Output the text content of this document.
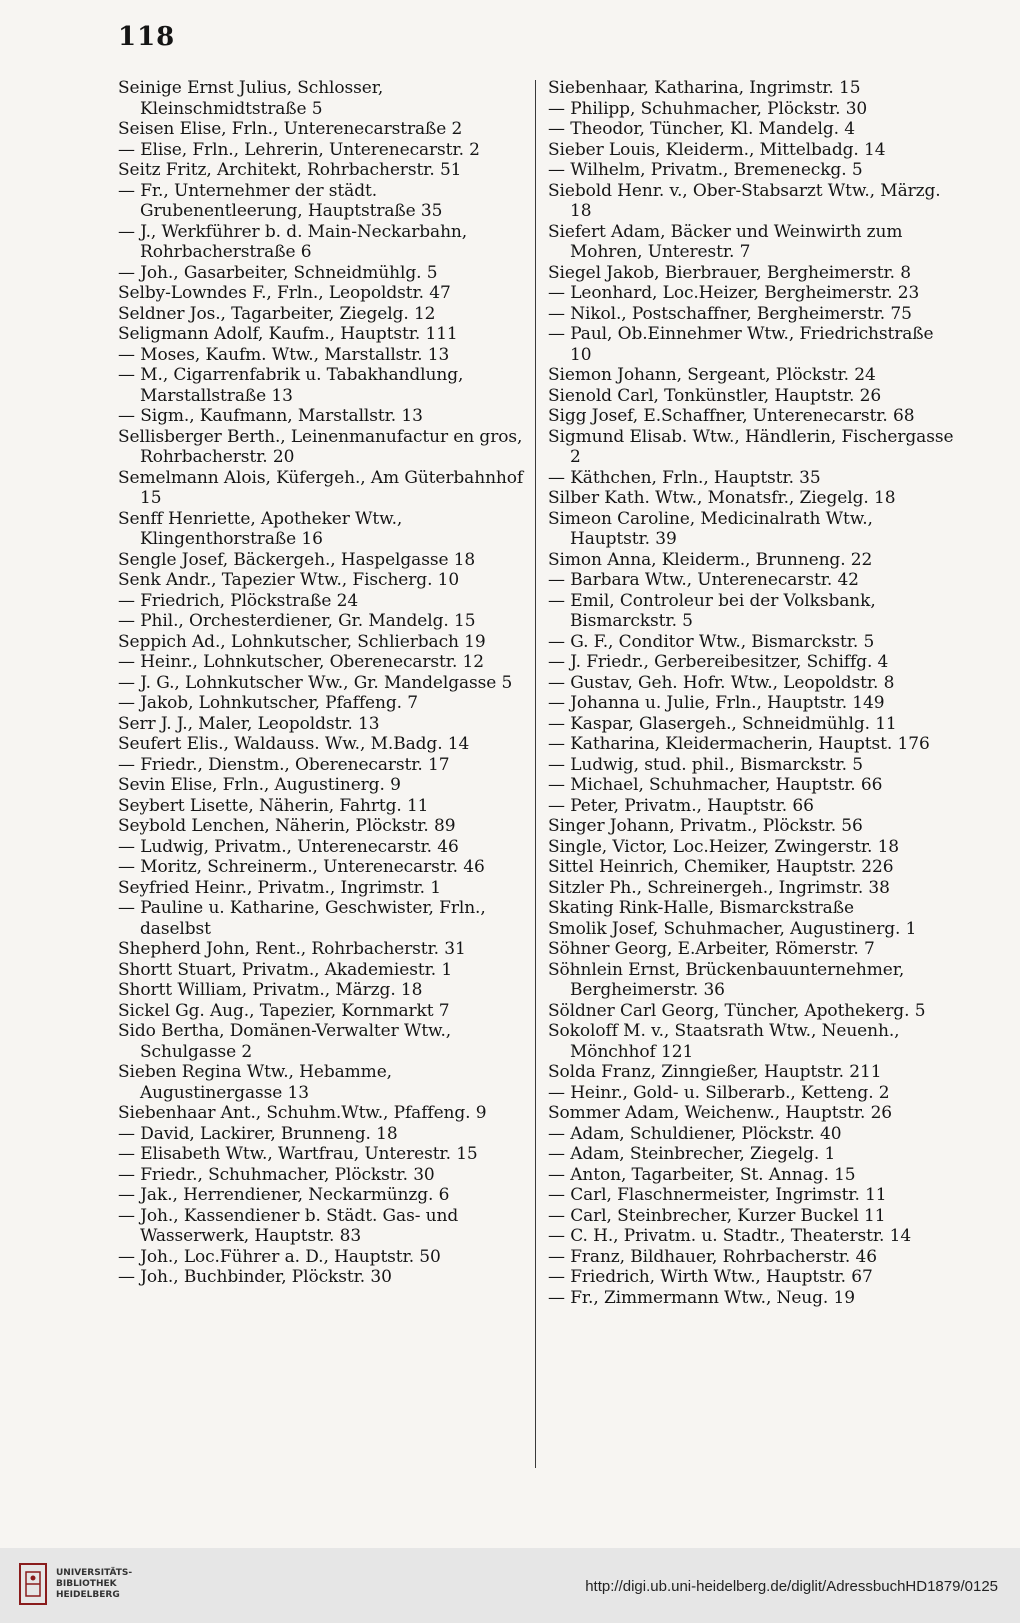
118
Seinige Ernst Julius, Schlosser, Kleinschmidtstraße 5
Seisen Elise, Frln., Unterenecarstraße 2
— Elise, Frln., Lehrerin, Unterenecarstr. 2
Seitz Fritz, Architekt, Rohrbacherstr. 51
— Fr., Unternehmer der städt. Grubenentleerung, Hauptstraße 35
— J., Werkführer b. d. Main-Neckarbahn, Rohrbacherstraße 6
— Joh., Gasarbeiter, Schneidmühlg. 5
Selby-Lowndes F., Frln., Leopoldstr. 47
Seldner Jos., Tagarbeiter, Ziegelg. 12
Seligmann Adolf, Kaufm., Hauptstr. 111
— Moses, Kaufm. Wtw., Marstallstr. 13
— M., Cigarrenfabrik u. Tabakhandlung, Marstallstraße 13
— Sigm., Kaufmann, Marstallstr. 13
Sellisberger Berth., Leinenmanufactur en gros, Rohrbacherstr. 20
Semelmann Alois, Küfergeh., Am Güterbahnhof 15
Senff Henriette, Apotheker Wtw., Klingenthorstraße 16
Sengle Josef, Bäckergeh., Haspelgasse 18
Senk Andr., Tapezier Wtw., Fischerg. 10
— Friedrich, Plöckstraße 24
— Phil., Orchesterdiener, Gr. Mandelg. 15
Seppich Ad., Lohnkutscher, Schlierbach 19
— Heinr., Lohnkutscher, Oberenecarstr. 12
— J. G., Lohnkutscher Ww., Gr. Mandelgasse 5
— Jakob, Lohnkutscher, Pfaffeng. 7
Serr J. J., Maler, Leopoldstr. 13
Seufert Elis., Waldauss. Ww., M.Badg. 14
— Friedr., Dienstm., Oberenecarstr. 17
Sevin Elise, Frln., Augustinerg. 9
Seybert Lisette, Näherin, Fahrtg. 11
Seybold Lenchen, Näherin, Plöckstr. 89
— Ludwig, Privatm., Unterenecarstr. 46
— Moritz, Schreinerm., Unterenecarstr. 46
Seyfried Heinr., Privatm., Ingrimstr. 1
— Pauline u. Katharine, Geschwister, Frln., daselbst
Shepherd John, Rent., Rohrbacherstr. 31
Shortt Stuart, Privatm., Akademiestr. 1
Shortt William, Privatm., Märzg. 18
Sickel Gg. Aug., Tapezier, Kornmarkt 7
Sido Bertha, Domänen-Verwalter Wtw., Schulgasse 2
Sieben Regina Wtw., Hebamme, Augustinergasse 13
Siebenhaar Ant., Schuhm.Wtw., Pfaffeng. 9
— David, Lackirer, Brunneng. 18
— Elisabeth Wtw., Wartfrau, Unterestr. 15
— Friedr., Schuhmacher, Plöckstr. 30
— Jak., Herrendiener, Neckarmünzg. 6
— Joh., Kassendiener b. Städt. Gas- und Wasserwerk, Hauptstr. 83
— Joh., Loc.Führer a. D., Hauptstr. 50
— Joh., Buchbinder, Plöckstr. 30
Siebenhaar, Katharina, Ingrimstr. 15
— Philipp, Schuhmacher, Plöckstr. 30
— Theodor, Tüncher, Kl. Mandelg. 4
Sieber Louis, Kleiderm., Mittelbadg. 14
— Wilhelm, Privatm., Bremeneckg. 5
Siebold Henr. v., Ober-Stabsarzt Wtw., Märzg. 18
Siefert Adam, Bäcker und Weinwirth zum Mohren, Unterestr. 7
Siegel Jakob, Bierbrauer, Bergheimerstr. 8
— Leonhard, Loc.Heizer, Bergheimerstr. 23
— Nikol., Postschaffner, Bergheimerstr. 75
— Paul, Ob.Einnehmer Wtw., Friedrichstraße 10
Siemon Johann, Sergeant, Plöckstr. 24
Sienold Carl, Tonkünstler, Hauptstr. 26
Sigg Josef, E.Schaffner, Unterenecarstr. 68
Sigmund Elisab. Wtw., Händlerin, Fischergasse 2
— Käthchen, Frln., Hauptstr. 35
Silber Kath. Wtw., Monatsfr., Ziegelg. 18
Simeon Caroline, Medicinalrath Wtw., Hauptstr. 39
Simon Anna, Kleiderm., Brunneng. 22
— Barbara Wtw., Unterenecarstr. 42
— Emil, Controleur bei der Volksbank, Bismarckstr. 5
— G. F., Conditor Wtw., Bismarckstr. 5
— J. Friedr., Gerbereibesitzer, Schiffg. 4
— Gustav, Geh. Hofr. Wtw., Leopoldstr. 8
— Johanna u. Julie, Frln., Hauptstr. 149
— Kaspar, Glasergeh., Schneidmühlg. 11
— Katharina, Kleidermacherin, Hauptst. 176
— Ludwig, stud. phil., Bismarckstr. 5
— Michael, Schuhmacher, Hauptstr. 66
— Peter, Privatm., Hauptstr. 66
Singer Johann, Privatm., Plöckstr. 56
Single, Victor, Loc.Heizer, Zwingerstr. 18
Sittel Heinrich, Chemiker, Hauptstr. 226
Sitzler Ph., Schreinergeh., Ingrimstr. 38
Skating Rink-Halle, Bismarckstraße
Smolik Josef, Schuhmacher, Augustinerg. 1
Söhner Georg, E.Arbeiter, Römerstr. 7
Söhnlein Ernst, Brückenbauunternehmer, Bergheimerstr. 36
Söldner Carl Georg, Tüncher, Apothekerg. 5
Sokoloff M. v., Staatsrath Wtw., Neuenh., Mönchhof 121
Solda Franz, Zinngießer, Hauptstr. 211
— Heinr., Gold- u. Silberarb., Ketteng. 2
Sommer Adam, Weichenw., Hauptstr. 26
— Adam, Schuldiener, Plöckstr. 40
— Adam, Steinbrecher, Ziegelg. 1
— Anton, Tagarbeiter, St. Annag. 15
— Carl, Flaschnermeister, Ingrimstr. 11
— Carl, Steinbrecher, Kurzer Buckel 11
— C. H., Privatm. u. Stadtr., Theaterstr. 14
— Franz, Bildhauer, Rohrbacherstr. 46
— Friedrich, Wirth Wtw., Hauptstr. 67
— Fr., Zimmermann Wtw., Neug. 19
UNIVERSITÄTS-
BIBLIOTHEK
HEIDELBERG	http://digi.ub.uni-heidelberg.de/diglit/AdressbuchHD1879/0125
